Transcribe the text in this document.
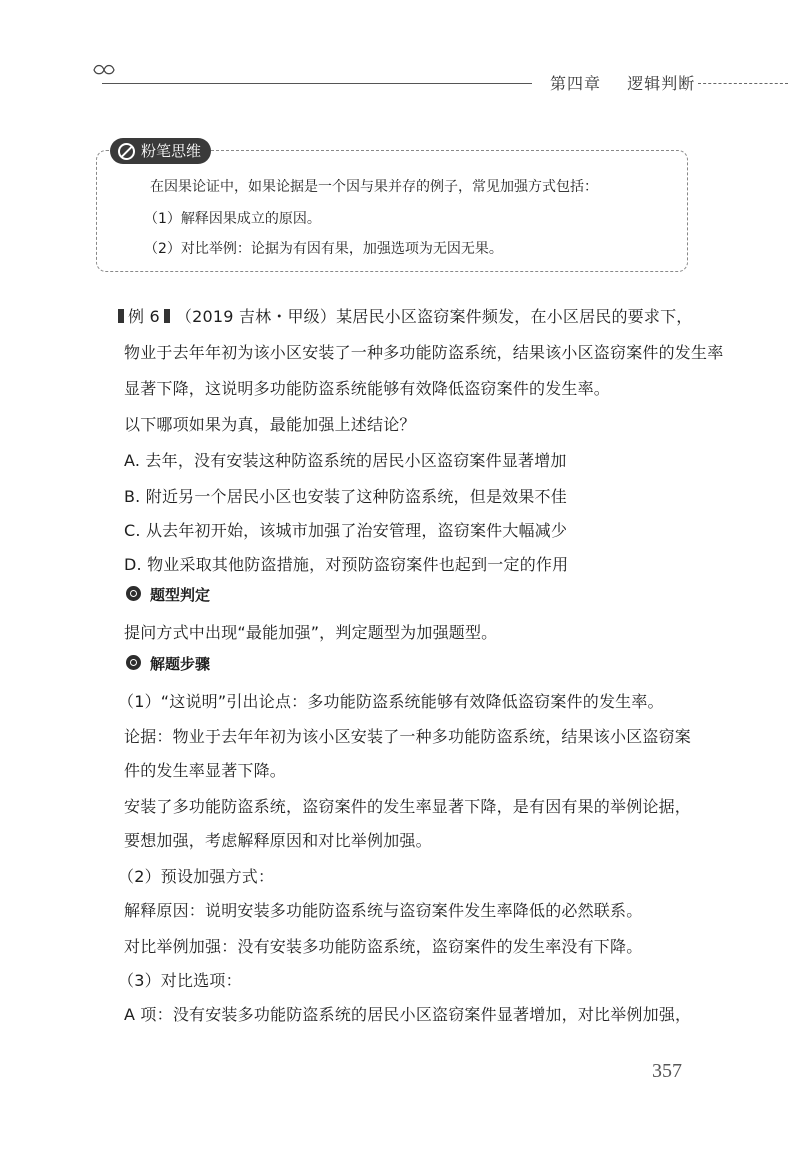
第四章 逻辑判断
粉笔思维
在因果论证中，如果论据是一个因与果并存的例子，常见加强方式包括：
（1）解释因果成立的原因。
（2）对比举例：论据为有因有果，加强选项为无因无果。
例 6 （2019 吉林・甲级）某居民小区盗窃案件频发，在小区居民的要求下，
物业于去年年初为该小区安装了一种多功能防盗系统，结果该小区盗窃案件的发生率
显著下降，这说明多功能防盗系统能够有效降低盗窃案件的发生率。
以下哪项如果为真，最能加强上述结论？
A. 去年，没有安装这种防盗系统的居民小区盗窃案件显著增加
B. 附近另一个居民小区也安装了这种防盗系统，但是效果不佳
C. 从去年初开始，该城市加强了治安管理，盗窃案件大幅减少
D. 物业采取其他防盗措施，对预防盗窃案件也起到一定的作用
题型判定
提问方式中出现“最能加强”，判定题型为加强题型。
解题步骤
（1）“这说明”引出论点：多功能防盗系统能够有效降低盗窃案件的发生率。
论据：物业于去年年初为该小区安装了一种多功能防盗系统，结果该小区盗窃案
件的发生率显著下降。
安装了多功能防盗系统，盗窃案件的发生率显著下降，是有因有果的举例论据，
要想加强，考虑解释原因和对比举例加强。
（2）预设加强方式：
解释原因：说明安装多功能防盗系统与盗窃案件发生率降低的必然联系。
对比举例加强：没有安装多功能防盗系统，盗窃案件的发生率没有下降。
（3）对比选项：
A 项：没有安装多功能防盗系统的居民小区盗窃案件显著增加，对比举例加强，
357
